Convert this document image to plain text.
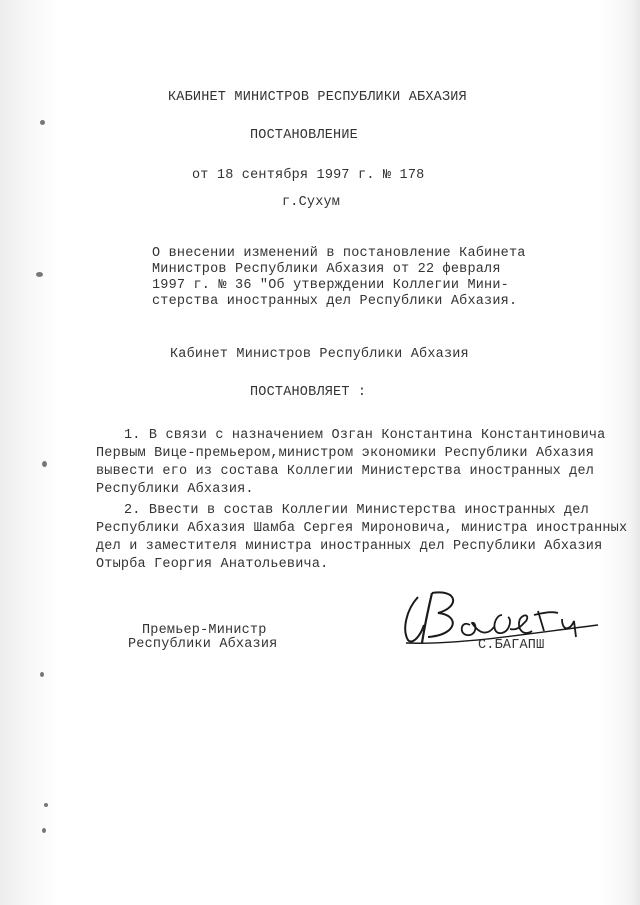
КАБИНЕТ МИНИСТРОВ РЕСПУБЛИКИ АБХАЗИЯ
ПОСТАНОВЛЕНИЕ
от 18 сентября 1997 г. № 178
г.Сухум
О внесении изменений в постановление Кабинета
Министров Республики Абхазия от 22 февраля
1997 г. № 36 "Об утверждении Коллегии Мини-
стерства иностранных дел Республики Абхазия.
Кабинет Министров Республики Абхазия
ПОСТАНОВЛЯЕТ :
1. В связи с назначением Озган Константина Константиновича
Первым Вице-премьером,министром экономики Республики Абхазия
вывести его из состава Коллегии Министерства иностранных дел
Республики Абхазия.
2. Ввести в состав Коллегии Министерства иностранных дел
Республики Абхазия Шамба Сергея Мироновича, министра иностранных
дел и заместителя министра иностранных дел Республики Абхазия
Отырба Георгия Анатольевича.
Премьер-Министр
Республики Абхазия	С.БАГАПШ
